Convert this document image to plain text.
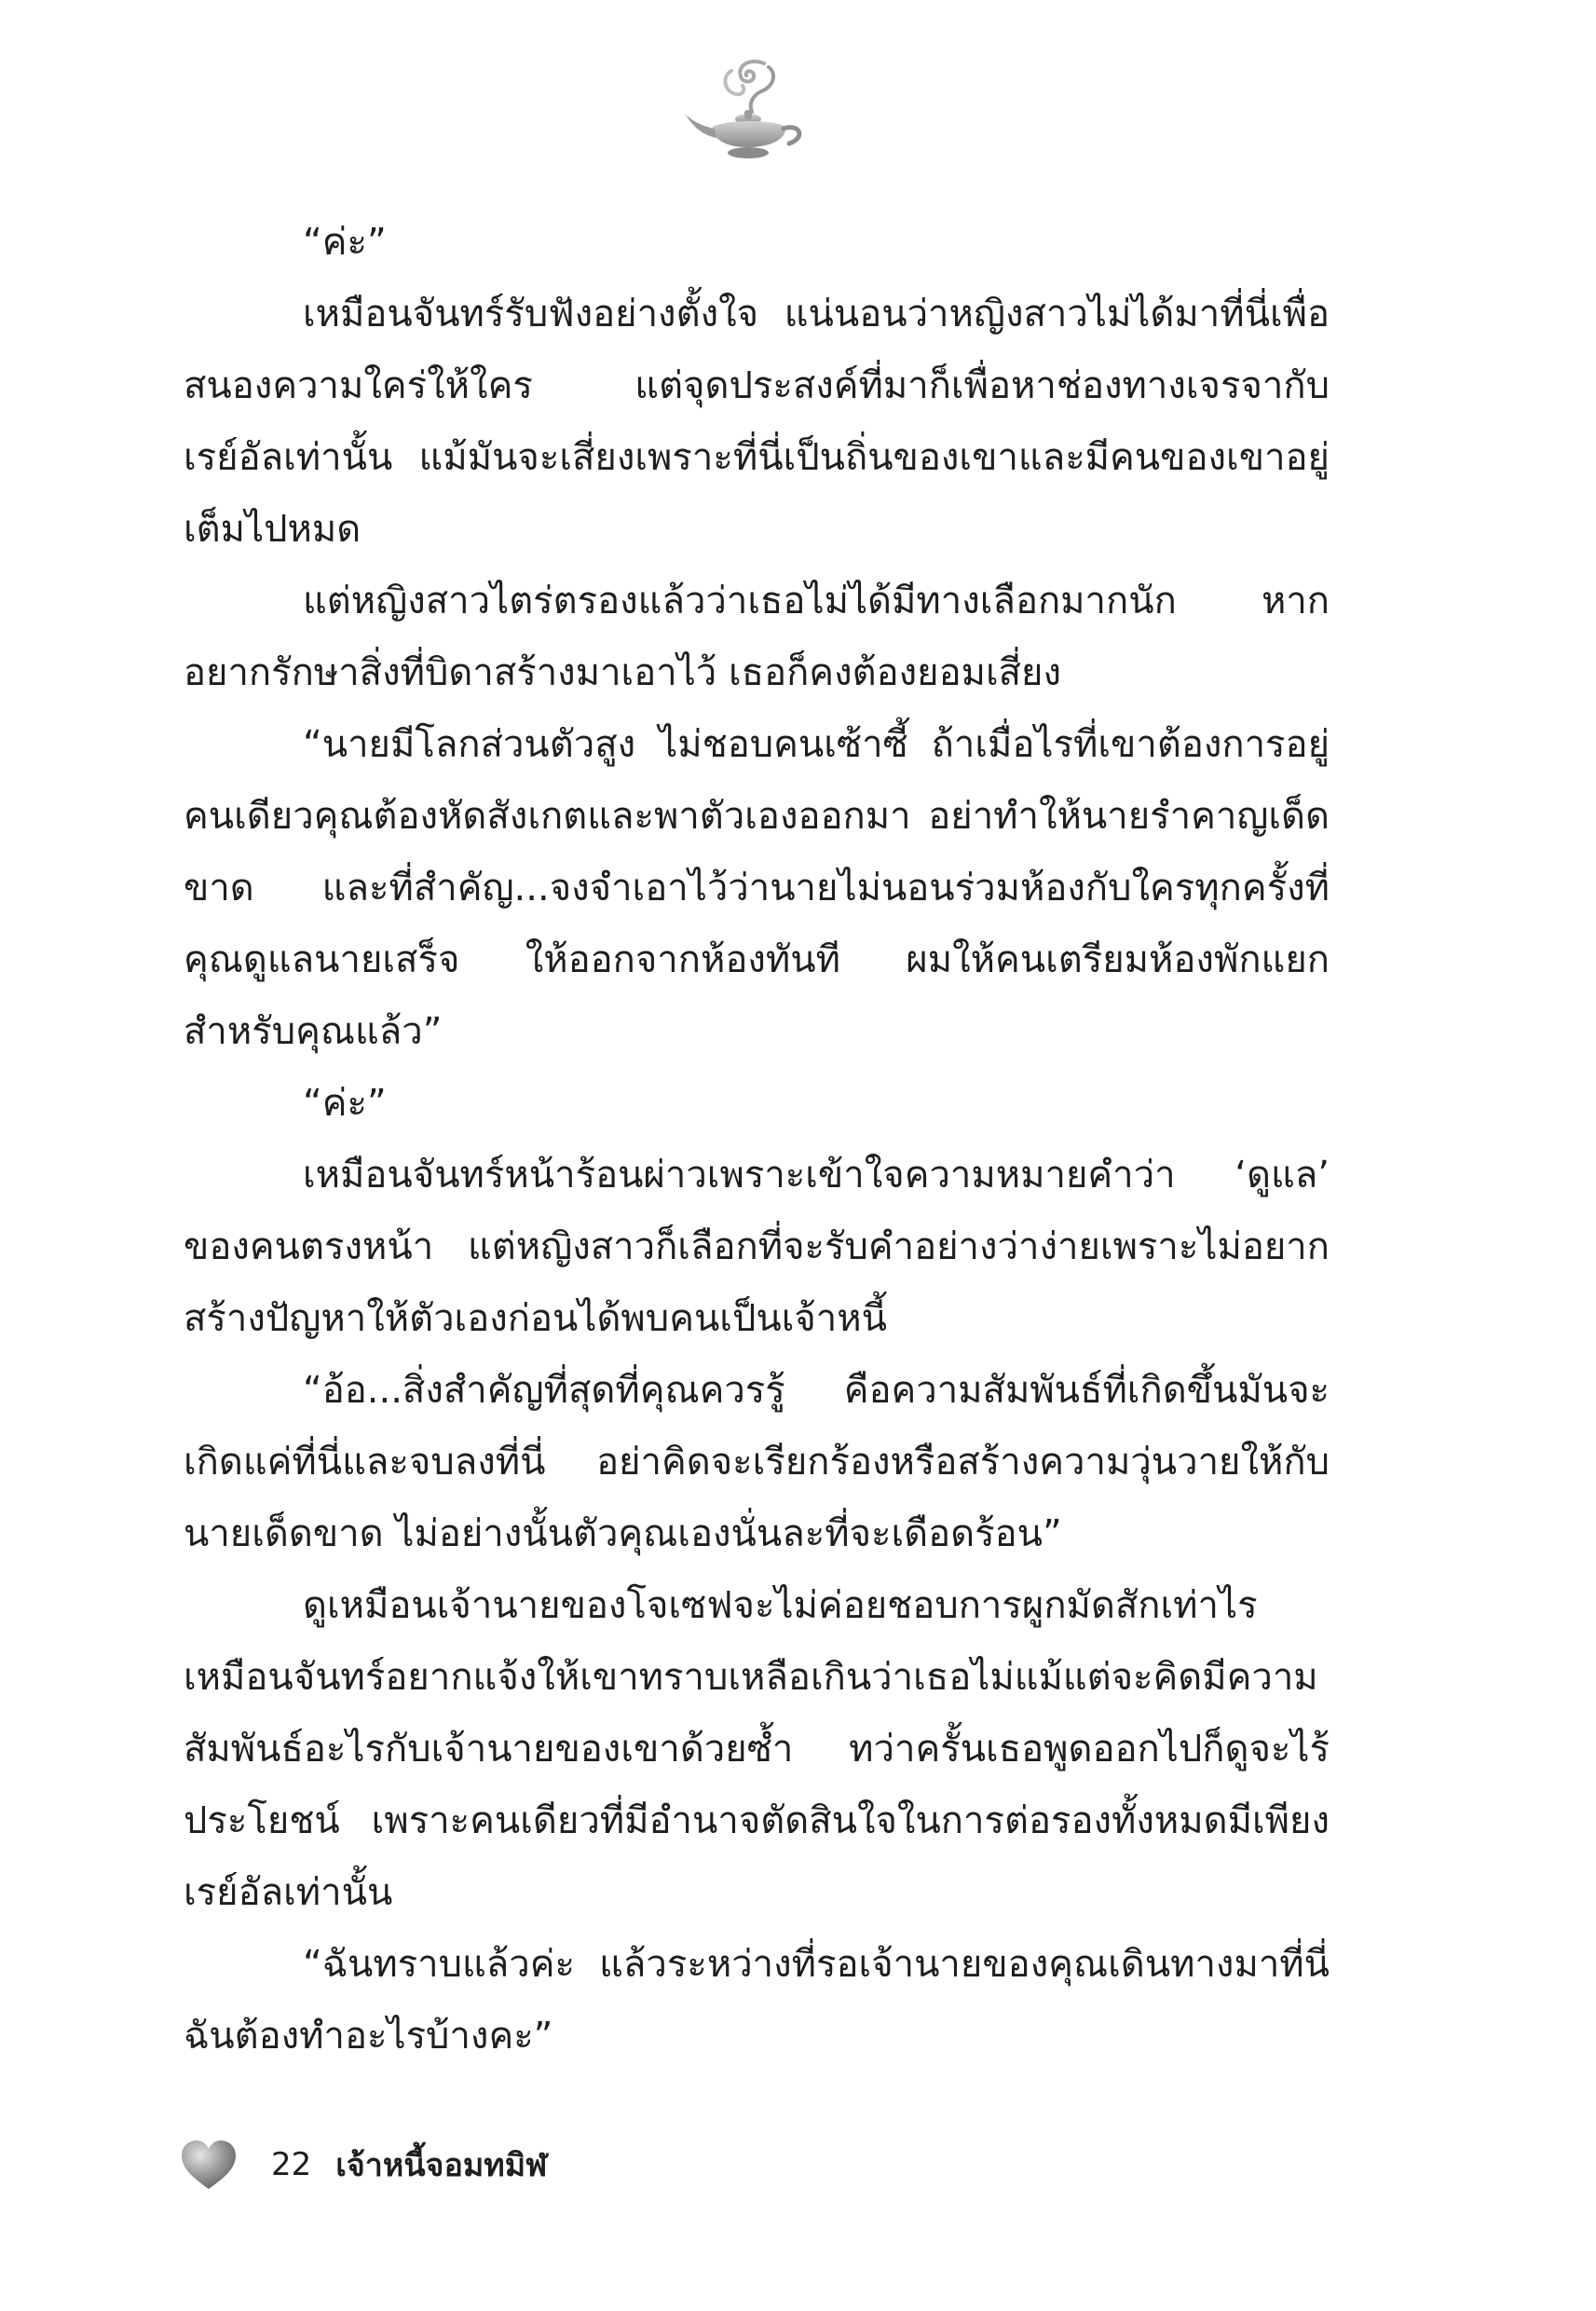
“ค่ะ”

เหมือนจันทร์รับฟังอย่างตั้งใจ แน่นอนว่าหญิงสาวไม่ได้มาที่นี่เพื่อสนองความใคร่ให้ใคร แต่จุดประสงค์ที่มาก็เพื่อหาช่องทางเจรจากับเรย์อัลเท่านั้น แม้มันจะเสี่ยงเพราะที่นี่เป็นถิ่นของเขาและมีคนของเขาอยู่เต็มไปหมด

แต่หญิงสาวไตร่ตรองแล้วว่าเธอไม่ได้มีทางเลือกมากนัก หากอยากรักษาสิ่งที่บิดาสร้างมาเอาไว้ เธอก็คงต้องยอมเสี่ยง

“นายมีโลกส่วนตัวสูง ไม่ชอบคนเซ้าซี้ ถ้าเมื่อไรที่เขาต้องการอยู่คนเดียวคุณต้องหัดสังเกตและพาตัวเองออกมา อย่าทำให้นายรำคาญเด็ดขาด และที่สำคัญ...จงจำเอาไว้ว่านายไม่นอนร่วมห้องกับใครทุกครั้งที่คุณดูแลนายเสร็จ ให้ออกจากห้องทันที ผมให้คนเตรียมห้องพักแยกสำหรับคุณแล้ว”

“ค่ะ”

เหมือนจันทร์หน้าร้อนผ่าวเพราะเข้าใจความหมายคำว่า ‘ดูแล’ ของคนตรงหน้า แต่หญิงสาวก็เลือกที่จะรับคำอย่างว่าง่ายเพราะไม่อยากสร้างปัญหาให้ตัวเองก่อนได้พบคนเป็นเจ้าหนี้

“อ้อ...สิ่งสำคัญที่สุดที่คุณควรรู้ คือความสัมพันธ์ที่เกิดขึ้นมันจะเกิดแค่ที่นี่และจบลงที่นี่ อย่าคิดจะเรียกร้องหรือสร้างความวุ่นวายให้กับนายเด็ดขาด ไม่อย่างนั้นตัวคุณเองนั่นละที่จะเดือดร้อน”

ดูเหมือนเจ้านายของโจเซฟจะไม่ค่อยชอบการผูกมัดสักเท่าไรเหมือนจันทร์อยากแจ้งให้เขาทราบเหลือเกินว่าเธอไม่แม้แต่จะคิดมีความสัมพันธ์อะไรกับเจ้านายของเขาด้วยซ้ำ ทว่าครั้นเธอพูดออกไปก็ดูจะไร้ประโยชน์ เพราะคนเดียวที่มีอำนาจตัดสินใจในการต่อรองทั้งหมดมีเพียงเรย์อัลเท่านั้น

“ฉันทราบแล้วค่ะ แล้วระหว่างที่รอเจ้านายของคุณเดินทางมาที่นี่ฉันต้องทำอะไรบ้างคะ”

22 เจ้าหนี้จอมทมิฬ
